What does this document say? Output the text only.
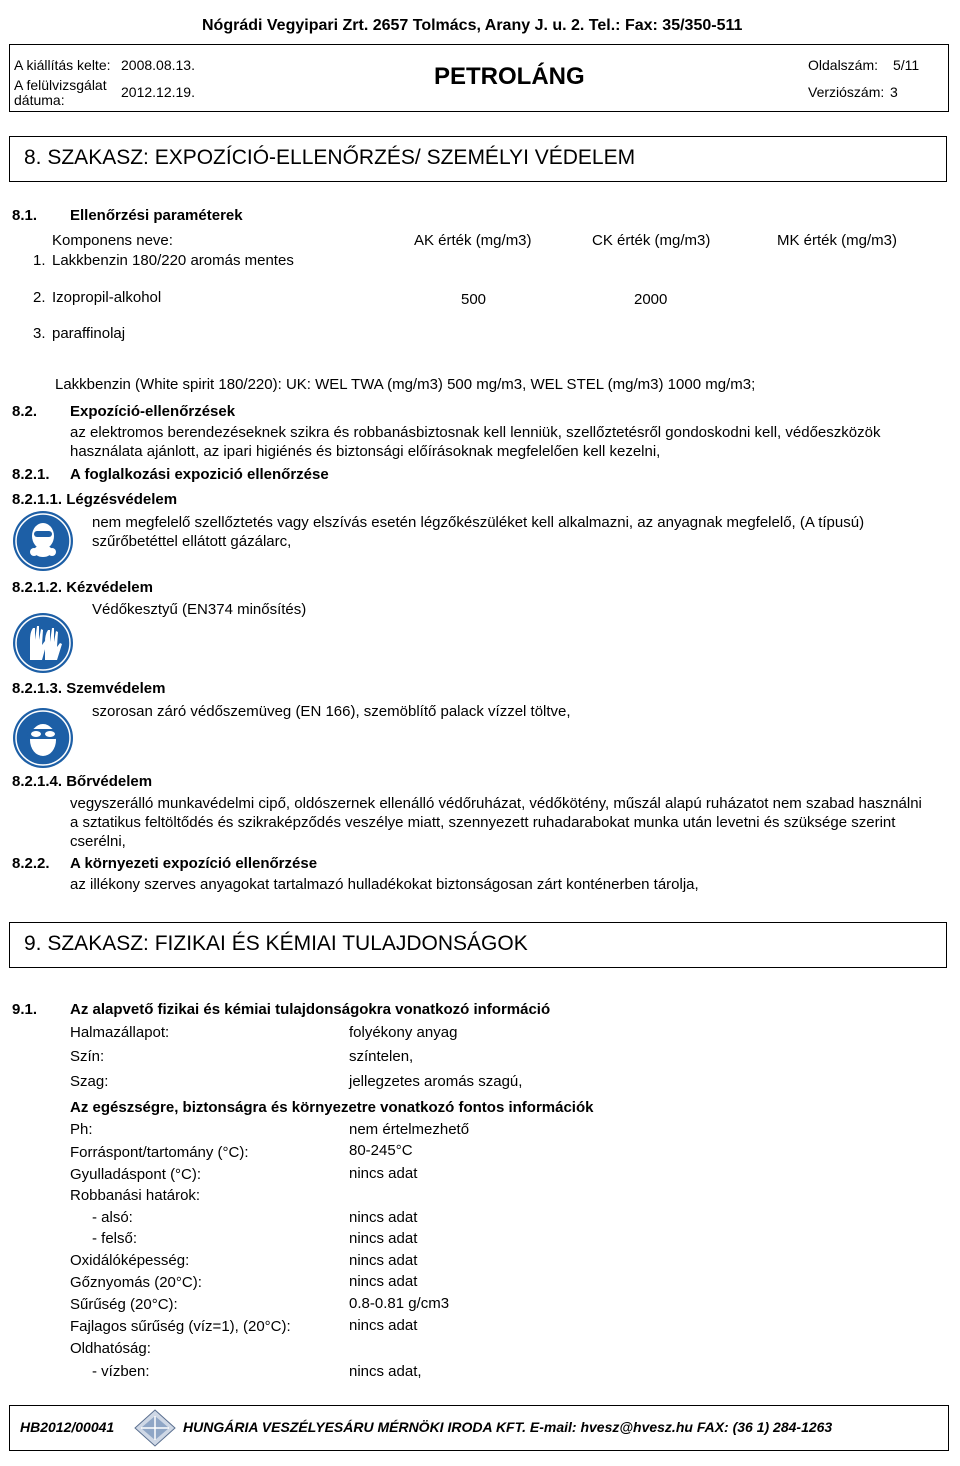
Nógrádi Vegyipari Zrt. 2657 Tolmács, Arany J. u. 2. Tel.: Fax: 35/350-511
A kiállítás kelte: 2008.08.13.
A felülvizsgálat
dátuma:	2012.12.19.
PETROLÁNG	Oldalszám: 5/11
Verziószám: 3
8. SZAKASZ: EXPOZÍCIÓ-ELLENŐRZÉS/ SZEMÉLYI VÉDELEM
8.1. Ellenőrzési paraméterek
Komponens neve:	AK érték (mg/m3)	CK érték (mg/m3)	MK érték (mg/m3)
1. Lakkbenzin 180/220 aromás mentes
2. Izopropil-alkohol	500	2000
3. paraffinolaj
Lakkbenzin (White spirit 180/220): UK: WEL TWA (mg/m3) 500 mg/m3, WEL STEL (mg/m3) 1000 mg/m3;
8.2. Expozíció-ellenőrzések
az elektromos berendezéseknek szikra és robbanásbiztosnak kell lenniük, szellőztetésről gondoskodni kell, védőeszközök használata ajánlott, az ipari higiénés és biztonsági előírásoknak megfelelően kell kezelni,
8.2.1. A foglalkozási expozició ellenőrzése
8.2.1.1. Légzésvédelem
nem megfelelő szellőztetés vagy elszívás esetén légzőkészüléket kell alkalmazni, az anyagnak megfelelő, (A típusú) szűrőbetéttel ellátott gázálarc,
8.2.1.2. Kézvédelem
Védőkesztyű (EN374 minősítés)
8.2.1.3. Szemvédelem
szorosan záró védőszemüveg (EN 166), szemöblítő palack vízzel töltve,
8.2.1.4. Bőrvédelem
vegyszerálló munkavédelmi cipő, oldószernek ellenálló védőruházat, védőkötény, műszál alapú ruházatot nem szabad használni a sztatikus feltöltődés és szikraképződés veszélye miatt, szennyezett ruhadarabokat munka után levetni és szüksége szerint cserélni,
8.2.2. A környezeti expozíció ellenőrzése
az illékony szerves anyagokat tartalmazó hulladékokat biztonságosan zárt konténerben tárolja,
9. SZAKASZ: FIZIKAI ÉS KÉMIAI TULAJDONSÁGOK
9.1. Az alapvető fizikai és kémiai tulajdonságokra vonatkozó információ
Halmazállapot:	folyékony anyag
Szín:	színtelen,
Szag:	jellegzetes aromás szagú,
Az egészségre, biztonságra és környezetre vonatkozó fontos információk
Ph:	nem értelmezhető
Forráspont/tartomány (°C):	80-245°C
Gyulladáspont (°C):	nincs adat
Robbanási határok:
- alsó:	nincs adat
- felső:	nincs adat
Oxidálóképesség:	nincs adat
Gőznyomás (20°C):	nincs adat
Sűrűség (20°C):	0.8-0.81 g/cm3
Fajlagos sűrűség (víz=1), (20°C):	nincs adat
Oldhatóság:
- vízben:	nincs adat,
HB2012/00041	HUNGÁRIA VESZÉLYESÁRU MÉRNÖKI IRODA KFT. E-mail: hvesz@hvesz.hu FAX: (36 1) 284-1263
